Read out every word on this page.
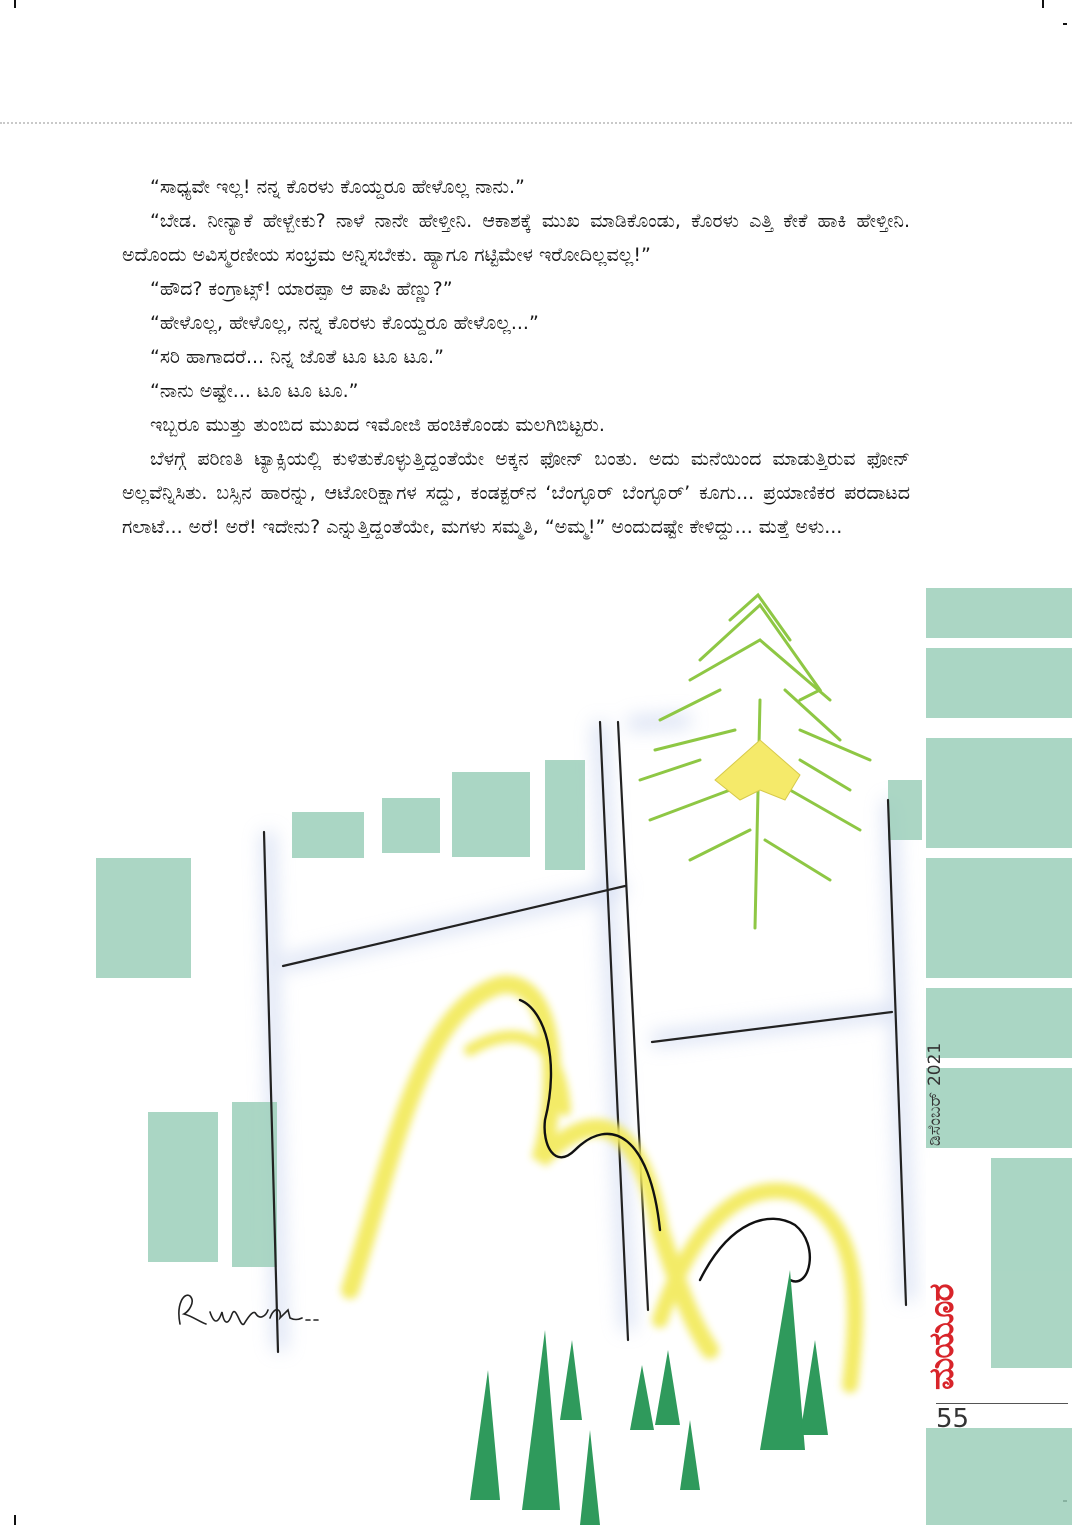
ಡಿಸೆಂಬರ್2021
ಮಯೂರ
55

“ಸಾಧ್ಯವೇ ಇಲ್ಲ! ನನ್ನ ಕೊರಳು ಕೊಯ್ದರೂ ಹೇಳೊಲ್ಲ ನಾನು.”

“ಬೇಡ. ನೀನ್ಯಾಕೆ ಹೇಳ್ಬೇಕು? ನಾಳೆ ನಾನೇ ಹೇಳ್ತೀನಿ. ಆಕಾಶಕ್ಕೆ ಮುಖ ಮಾಡಿಕೊಂಡು, ಕೊರಳು ಎತ್ತಿ ಕೇಕೆ ಹಾಕಿ ಹೇಳ್ತೀನಿ. ಅದೊಂದು ಅವಿಸ್ಮರಣೀಯ ಸಂಭ್ರಮ ಅನ್ನಿಸಬೇಕು. ಹ್ಯಾಗೂ ಗಟ್ಟಿಮೇಳ ಇರೋದಿಲ್ಲವಲ್ಲ!”

“ಹೌದ? ಕಂಗ್ರಾಟ್ಸ್! ಯಾರಪ್ಪಾ ಆ ಪಾಪಿ ಹೆಣ್ಣು?”

“ಹೇಳೊಲ್ಲ, ಹೇಳೊಲ್ಲ, ನನ್ನ ಕೊರಳು ಕೊಯ್ದರೂ ಹೇಳೊಲ್ಲ...”

“ಸರಿ ಹಾಗಾದರೆ... ನಿನ್ನ ಜೊತೆ ಟೂ ಟೂ ಟೂ.”

“ನಾನು ಅಷ್ಟೇ... ಟೂ ಟೂ ಟೂ.”

ಇಬ್ಬರೂ ಮುತ್ತು ತುಂಬಿದ ಮುಖದ ಇಮೋಜಿ ಹಂಚಿಕೊಂಡು ಮಲಗಿಬಿಟ್ಟರು.

ಬೆಳಗ್ಗೆ ಪರಿಣತಿ ಟ್ಯಾಕ್ಸಿಯಲ್ಲಿ ಕುಳಿತುಕೊಳ್ಳುತ್ತಿದ್ದಂತೆಯೇ ಅಕ್ಕನ ಫೋನ್ ಬಂತು. ಅದು ಮನೆಯಿಂದ ಮಾಡುತ್ತಿರುವ ಫೋನ್ ಅಲ್ಲವೆನ್ನಿಸಿತು. ಬಸ್ಸಿನ ಹಾರನ್ನು, ಆಟೋರಿಕ್ಷಾಗಳ ಸದ್ದು, ಕಂಡಕ್ಟರ್‌ನ ‘ಬೆಂಗ್ಳೂರ್ ಬೆಂಗ್ಳೂರ್’ ಕೂಗು... ಪ್ರಯಾಣಿಕರ ಪರದಾಟದ ಗಲಾಟೆ... ಅರೆ! ಅರೆ! ಇದೇನು? ಎನ್ನುತ್ತಿದ್ದಂತೆಯೇ, ಮಗಳು ಸಮ್ಮತಿ, “ಅಮ್ಮ!” ಅಂದುದಷ್ಟೇ ಕೇಳಿದ್ದು... ಮತ್ತೆ ಅಳು...
